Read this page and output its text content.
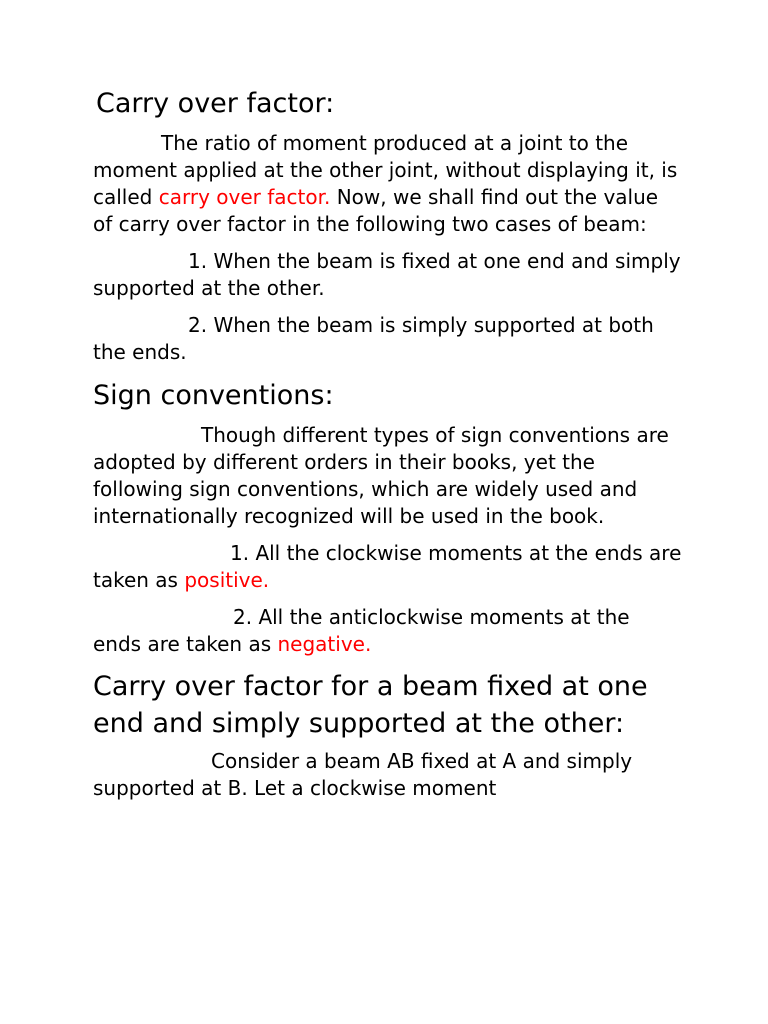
Carry over factor:

The ratio of moment produced at a joint to the moment applied at the other joint, without displaying it, is called carry over factor. Now, we shall find out the value of carry over factor in the following two cases of beam:

1. When the beam is fixed at one end and simply supported at the other.

2. When the beam is simply supported at both the ends.

Sign conventions:

Though different types of sign conventions are adopted by different orders in their books, yet the following sign conventions, which are widely used and internationally recognized will be used in the book.

1. All the clockwise moments at the ends are taken as positive.

2. All the anticlockwise moments at the ends are taken as negative.

Carry over factor for a beam fixed at one end and simply supported at the other:

Consider a beam AB fixed at A and simply supported at B. Let a clockwise moment
